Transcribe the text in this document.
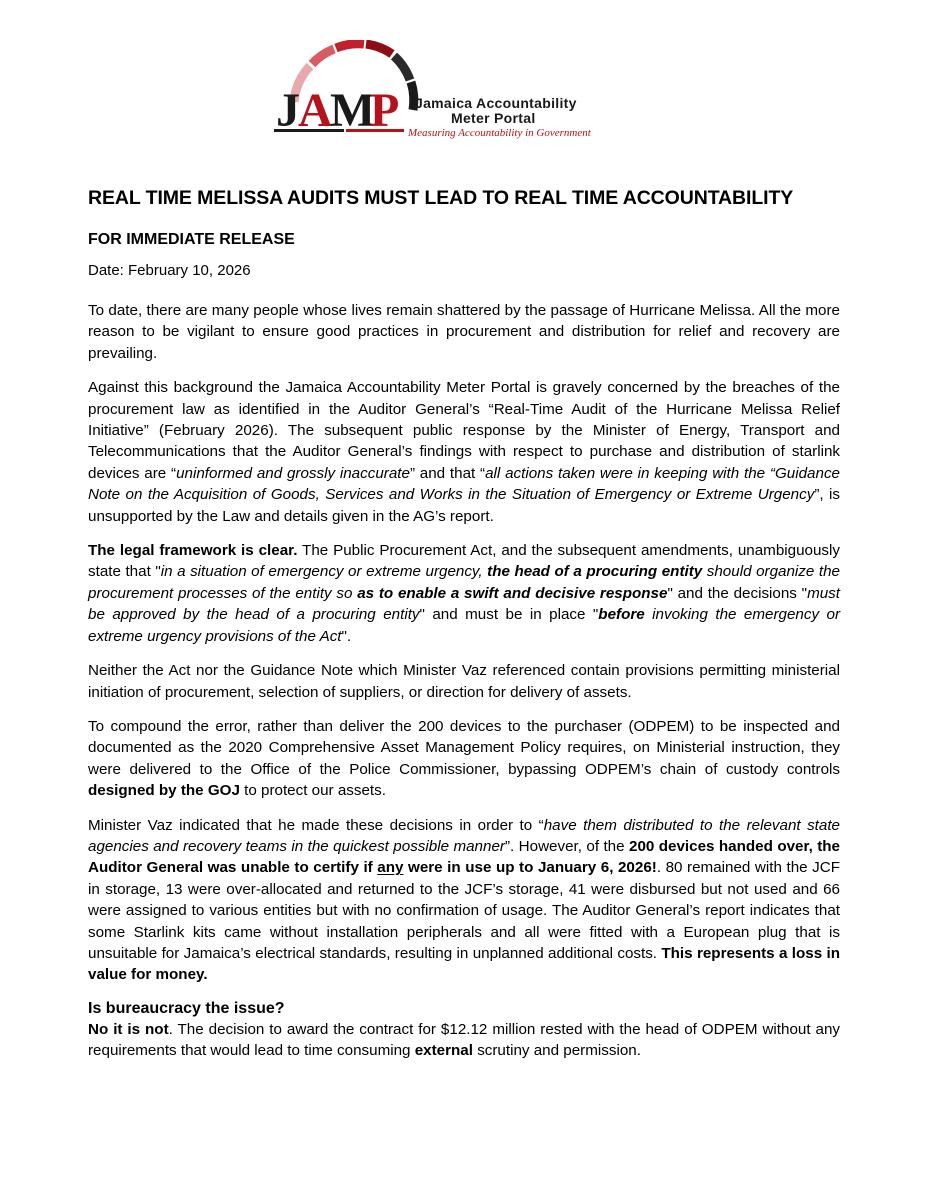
J
A
M
P Jamaica Accountability
Meter Portal
Measuring Accountability in Government
REAL TIME MELISSA AUDITS MUST LEAD TO REAL TIME ACCOUNTABILITY
FOR IMMEDIATE RELEASE
Date: February 10, 2026

To date, there are many people whose lives remain shattered by the passage of Hurricane Melissa. All the more reason to be vigilant to ensure good practices in procurement and distribution for relief and recovery are prevailing.

Against this background the Jamaica Accountability Meter Portal is gravely concerned by the breaches of the procurement law as identified in the Auditor General’s “Real-Time Audit of the Hurricane Melissa Relief Initiative” (February 2026). The subsequent public response by the Minister of Energy, Transport and Telecommunications that the Auditor General’s findings with respect to purchase and distribution of starlink devices are “uninformed and grossly inaccurate” and that “all actions taken were in keeping with the “Guidance Note on the Acquisition of Goods, Services and Works in the Situation of Emergency or Extreme Urgency”, is unsupported by the Law and details given in the AG’s report.

The legal framework is clear. The Public Procurement Act, and the subsequent amendments, unambiguously state that "in a situation of emergency or extreme urgency, the head of a procuring entity should organize the procurement processes of the entity so as to enable a swift and decisive response" and the decisions "must be approved by the head of a procuring entity" and must be in place "before invoking the emergency or extreme urgency provisions of the Act".

Neither the Act nor the Guidance Note which Minister Vaz referenced contain provisions permitting ministerial initiation of procurement, selection of suppliers, or direction for delivery of assets.

To compound the error, rather than deliver the 200 devices to the purchaser (ODPEM) to be inspected and documented as the 2020 Comprehensive Asset Management Policy requires, on Ministerial instruction, they were delivered to the Office of the Police Commissioner, bypassing ODPEM’s chain of custody controls designed by the GOJ to protect our assets.

Minister Vaz indicated that he made these decisions in order to “have them distributed to the relevant state agencies and recovery teams in the quickest possible manner”. However, of the 200 devices handed over, the Auditor General was unable to certify if any were in use up to January 6, 2026!. 80 remained with the JCF in storage, 13 were over-allocated and returned to the JCF’s storage, 41 were disbursed but not used and 66 were assigned to various entities but with no confirmation of usage. The Auditor General’s report indicates that some Starlink kits came without installation peripherals and all were fitted with a European plug that is unsuitable for Jamaica’s electrical standards, resulting in unplanned additional costs. This represents a loss in value for money.

Is bureaucracy the issue?

No it is not. The decision to award the contract for $12.12 million rested with the head of ODPEM without any requirements that would lead to time consuming external scrutiny and permission.
